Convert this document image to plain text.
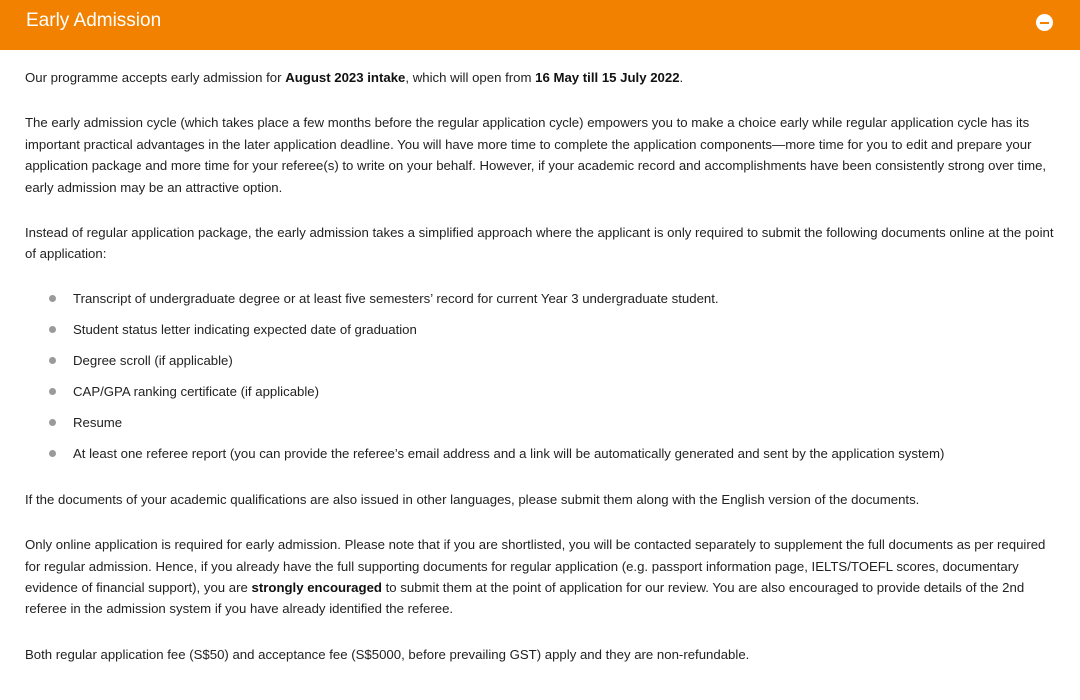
Early Admission

Our programme accepts early admission for August 2023 intake, which will open from 16 May till 15 July 2022.

The early admission cycle (which takes place a few months before the regular application cycle) empowers you to make a choice early while regular application cycle has its important practical advantages in the later application deadline. You will have more time to complete the application components—more time for you to edit and prepare your application package and more time for your referee(s) to write on your behalf. However, if your academic record and accomplishments have been consistently strong over time, early admission may be an attractive option.

Instead of regular application package, the early admission takes a simplified approach where the applicant is only required to submit the following documents online at the point of application:

Transcript of undergraduate degree or at least five semesters’ record for current Year 3 undergraduate student.
Student status letter indicating expected date of graduation
Degree scroll (if applicable)
CAP/GPA ranking certificate (if applicable)
Resume
At least one referee report (you can provide the referee’s email address and a link will be automatically generated and sent by the application system)

If the documents of your academic qualifications are also issued in other languages, please submit them along with the English version of the documents.

Only online application is required for early admission. Please note that if you are shortlisted, you will be contacted separately to supplement the full documents as per required for regular admission. Hence, if you already have the full supporting documents for regular application (e.g. passport information page, IELTS/TOEFL scores, documentary evidence of financial support), you are strongly encouraged to submit them at the point of application for our review. You are also encouraged to provide details of the 2nd referee in the admission system if you have already identified the referee.

Both regular application fee (S$50) and acceptance fee (S$5000, before prevailing GST) apply and they are non-refundable.
